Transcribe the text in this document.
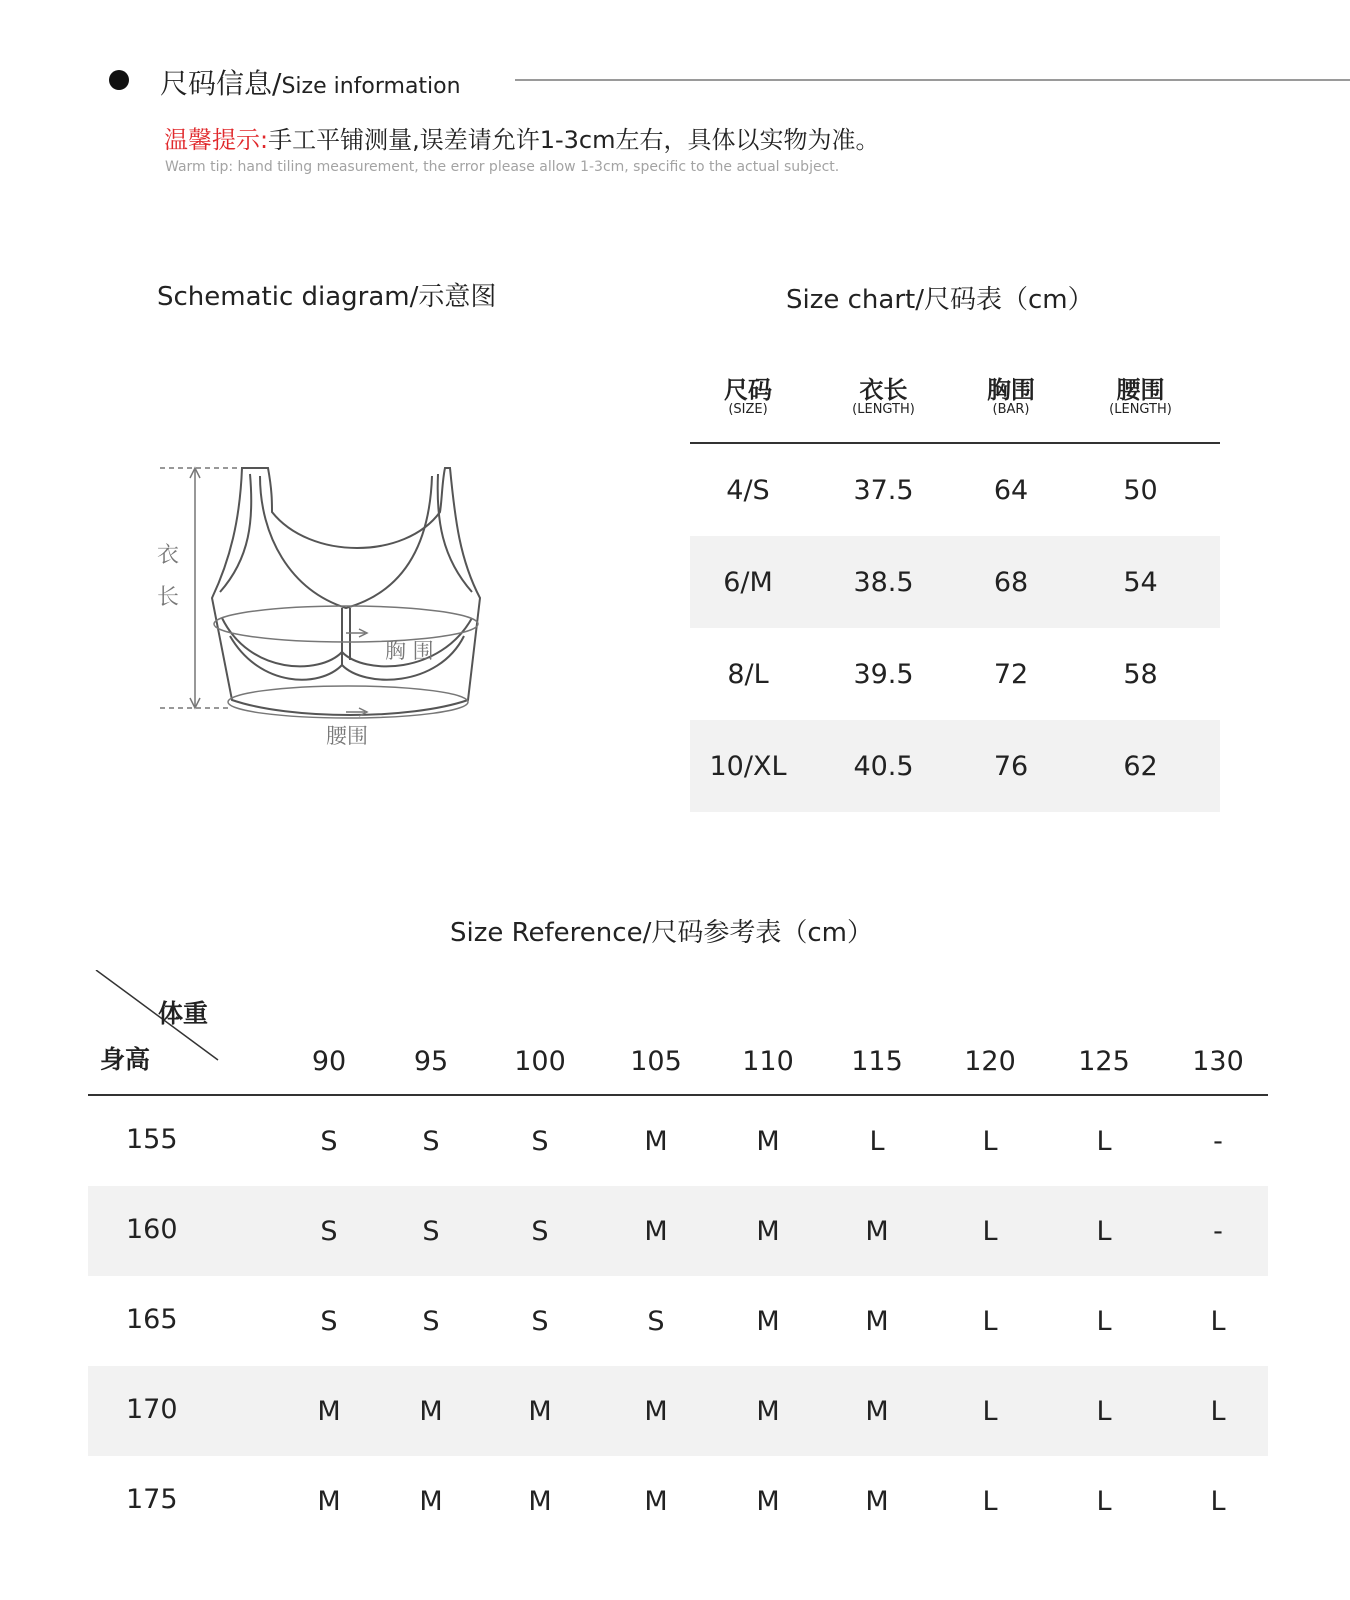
尺码信息/Size information
温馨提示:手工平铺测量,误差请允许1-3cm左右，具体以实物为准。
Warm tip: hand tiling measurement, the error please allow 1-3cm, specific to the actual subject.
Schematic diagram/示意图	Size chart/尺码表（cm）
衣
长
胸 围
腰围
尺码
(SIZE)
衣长
(LENGTH)
胸围
(BAR)
腰围
(LENGTH)
4/S	37.5	64	50
6/M	38.5	68	54
8/L	39.5	72	58
10/XL	40.5	76	62
Size Reference/尺码参考表（cm）
体重
身高	90	95 100 105 110 115 120 125 130
155	S	S	S	M	M	L	L	L	-
160	S	S	S	M	M	M	L	L	-
165	S	S	S	S	M	M	L	L	L
170	M	M	M	M	M	M	L	L	L
175	M	M	M	M	M	M	L	L	L
